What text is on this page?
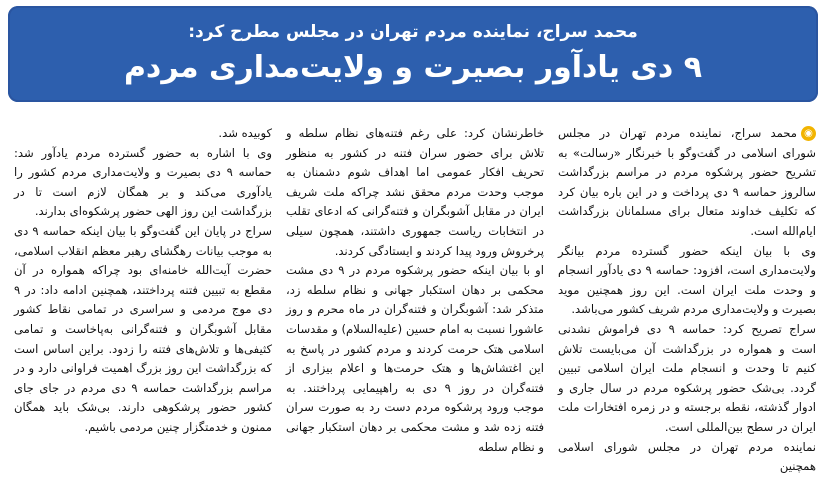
محمد سراج، نماینده مردم تهران در مجلس مطرح کرد:
۹ دی یادآور بصیرت و ولایت‌مداری مردم

◉محمد سراج، نماینده مردم تهران در مجلس شورای اسلامی در گفت‌وگو با خبرنگار «رسالت» به تشریح حضور پرشکوه مردم در مراسم بزرگداشت سالروز حماسه ۹ دی پرداخت و در این باره بیان کرد که تکلیف خداوند متعال برای مسلمانان بزرگداشت ایام‌الله است.

وی با بیان اینکه حضور گسترده مردم بیانگر ولایت‌مداری است، افزود: حماسه ۹ دی یادآور انسجام و وحدت ملت ایران است. این روز همچنین موید بصیرت و ولایت‌مداری مردم شریف کشور می‌باشد.

سراج تصریح کرد: حماسه ۹ دی فراموش نشدنی است و همواره در بزرگداشت آن می‌بایست تلاش کنیم تا وحدت و انسجام ملت ایران اسلامی تبیین گردد. بی‌شک حضور پرشکوه مردم در سال جاری و ادوار گذشته، نقطه برجسته و در زمره افتخارات ملت ایران در سطح بین‌المللی است.

نماینده مردم تهران در مجلس شورای اسلامی همچنین

خاطرنشان کرد: علی رغم فتنه‌های نظام سلطه و تلاش برای حضور سران فتنه در کشور به منظور تحریف افکار عمومی اما اهداف شوم دشمنان به موجب وحدت مردم محقق نشد چراکه ملت شریف ایران در مقابل آشوبگران و فتنه‌گرانی که ادعای تقلب در انتخابات ریاست جمهوری داشتند، همچون سیلی پرخروش ورود پیدا کردند و ایستادگی کردند.

او با بیان اینکه حضور پرشکوه مردم در ۹ دی مشت محکمی بر دهان استکبار جهانی و نظام سلطه زد، متذکر شد: آشوبگران و فتنه‌گران در ماه محرم و روز عاشورا نسبت به امام حسین (علیه‌السلام) و مقدسات اسلامی هتک حرمت کردند و مردم کشور در پاسخ به این اغتشاش‌ها و هتک حرمت‌ها و اعلام بیزاری از فتنه‌گران در روز ۹ دی به راهپیمایی پرداختند. به موجب ورود پرشکوه مردم دست رد به صورت سران فتنه زده شد و مشت محکمی بر دهان استکبار جهانی و نظام سلطه

کوبیده شد.

وی با اشاره به حضور گسترده مردم یادآور شد: حماسه ۹ دی بصیرت و ولایت‌مداری مردم کشور را یادآوری می‌کند و بر همگان لازم است تا در بزرگداشت این روز الهی حضور پرشکوه‌ای بدارند.

سراج در پایان این گفت‌وگو با بیان اینکه حماسه ۹ دی به موجب بیانات رهگشای رهبر معظم انقلاب اسلامی، حضرت آیت‌الله خامنه‌ای بود چراکه همواره در آن مقطع به تبیین فتنه پرداختند، همچنین ادامه داد: در ۹ دی موج مردمی و سراسری در تمامی نقاط کشور مقابل آشوبگران و فتنه‌گرانی به‌پاخاست و تمامی کثیفی‌ها و تلاش‌های فتنه را زدود. براین اساس است که بزرگداشت این روز بزرگ اهمیت فراوانی دارد و در مراسم بزرگداشت حماسه ۹ دی مردم در جای جای کشور حضور پرشکوهی دارند. بی‌شک باید همگان ممنون و خدمتگزار چنین مردمی باشیم.
